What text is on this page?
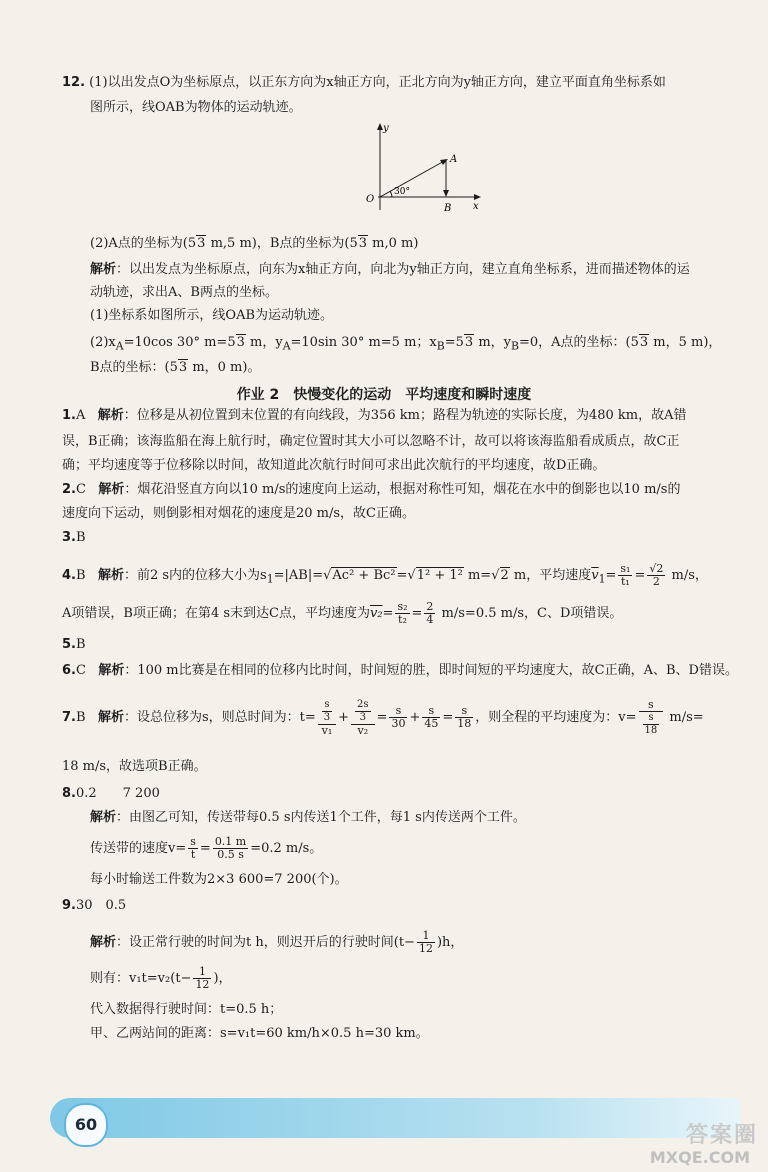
12. (1)以出发点O为坐标原点，以正东方向为x轴正方向，正北方向为y轴正方向，建立平面直角坐标系如
图所示，线OAB为物体的运动轨迹。
y
x
O
A
B
30°
(2)A点的坐标为(53 m,5 m)，B点的坐标为(53 m,0 m)
解析：以出发点为坐标原点，向东为x轴正方向，向北为y轴正方向，建立直角坐标系，进而描述物体的运
动轨迹，求出A、B两点的坐标。
(1)坐标系如图所示，线OAB为运动轨迹。
$(2)x_A=10\cos$ 30° m=53 m，$y_A=10\sin$ 30° m=5 m；$x_B=53$ m，$y_B=0$，A点的坐标：(53 m，5 m)，
B点的坐标：(53 m，0 m)。
作业 2　快慢变化的运动　平均速度和瞬时速度
1.A 解析：位移是从初位置到末位置的有向线段，为356 km；路程为轨迹的实际长度，为480 km，故A错
误，B正确；该海监船在海上航行时，确定位置时其大小可以忽略不计，故可以将该海监船看成质点，故C正
确；平均速度等于位移除以时间，故知道此次航行时间可求出此次航行的平均速度，故D正确。
2.C 解析：烟花沿竖直方向以10 m/s的速度向上运动，根据对称性可知，烟花在水中的倒影也以10 m/s的
速度向下运动，则倒影相对烟花的速度是20 m/s，故C正确。
3.B
4.B 解析：前2 s内的位移大小为$s_1=|AB|=√Ac^2 + Bc^2=√1^2 + 1^2$ m=√2 m，平均速度$\overline{v}_1= \frac{\text{s₁}}{\text{t₁}} = \frac{√2}{2} m/s$，
A项错误，B项正确；在第4 s末到达C点，平均速度为$v_2= \frac{\text{s₂}}{\text{t₂}} = \frac{2}{4} m/s=0.5$ m/s，C、D项错误。
5.B
6.C 解析：100 m比赛是在相同的位移内比时间，时间短的胜，即时间短的平均速度大，故C正确，A、B、D错误。
7.B 解析：设总位移为s，则总时间为：$t= \frac{\frac{s}{3}}{\text{v₁}} + \frac{\frac{2s}{3}}{\text{v₂}} = \frac{s}{30} + \frac{s}{45} = \frac{s}{18}$ ，则全程的平均速度为：$v= \frac{s}{\frac{s}{18}} m/s=$
18 m/s，故选项B正确。
8.0.2　　7 200
解析：由图乙可知，传送带每0.5 s内传送1个工件，每1 s内传送两个工件。
传送带的速度$v= \frac{s}{t} = \frac{0.1 m}{0.5 s} =0.2$ m/s。
每小时输送工件数为2×3 600=7 200(个)。
9.30　0.5
解析：设正常行驶的时间为t h，则迟开后的行驶时间$(t- \frac{1}{12} )h$，
则有：$v_1t=v_2(t- \frac{1}{12}$ )，
代入数据得行驶时间：t=0.5 h；
甲、乙两站间的距离：s=v₁t=60 km/h×0.5 h=30 km。
60	答案圈
MXQE.COM
